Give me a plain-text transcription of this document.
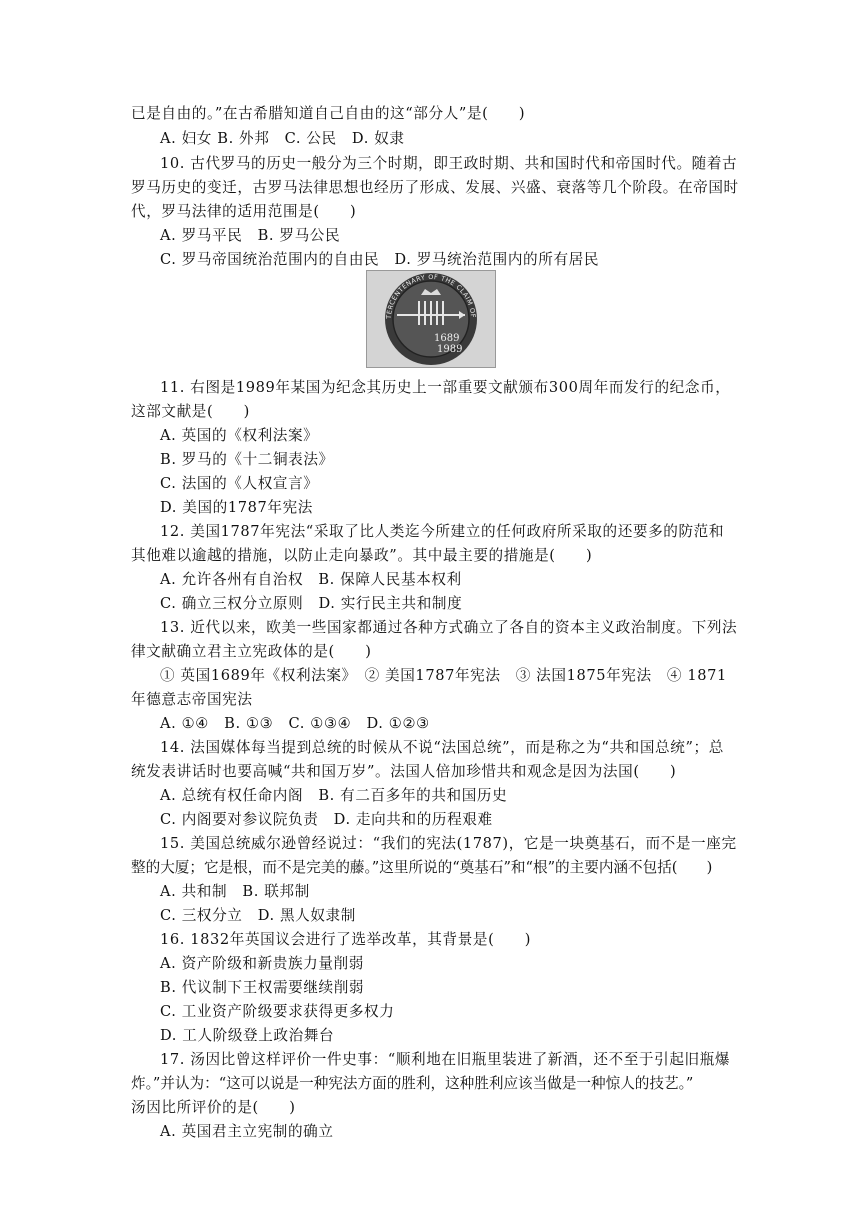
已是自由的。”在古希腊知道自己自由的这“部分人”是(　　)
A. 妇女 B. 外邦　C. 公民　D. 奴隶
10. 古代罗马的历史一般分为三个时期，即王政时期、共和国时代和帝国时代。随着古
罗马历史的变迁，古罗马法律思想也经历了形成、发展、兴盛、衰落等几个阶段。在帝国时
代，罗马法律的适用范围是(　　)
A. 罗马平民　B. 罗马公民
C. 罗马帝国统治范围内的自由民　D. 罗马统治范围内的所有居民
TERCENTENARY OF THE CLAIM OF
1689
1989
11. 右图是1989年某国为纪念其历史上一部重要文献颁布300周年而发行的纪念币，
这部文献是(　　)
A. 英国的《权利法案》
B. 罗马的《十二铜表法》
C. 法国的《人权宣言》
D. 美国的1787年宪法
12. 美国1787年宪法“采取了比人类迄今所建立的任何政府所采取的还要多的防范和
其他难以逾越的措施，以防止走向暴政”。其中最主要的措施是(　　)
A. 允许各州有自治权　B. 保障人民基本权利
C. 确立三权分立原则　D. 实行民主共和制度
13. 近代以来，欧美一些国家都通过各种方式确立了各自的资本主义政治制度。下列法
律文献确立君主立宪政体的是(　　)
① 英国1689年《权利法案》　② 美国1787年宪法　③ 法国1875年宪法　④ 1871
年德意志帝国宪法
A. ①④　B. ①③　C. ①③④　D. ①②③
14. 法国媒体每当提到总统的时候从不说“法国总统”，而是称之为“共和国总统”；总
统发表讲话时也要高喊“共和国万岁”。法国人倍加珍惜共和观念是因为法国(　　)
A. 总统有权任命内阁　B. 有二百多年的共和国历史
C. 内阁要对参议院负责　D. 走向共和的历程艰难
15. 美国总统威尔逊曾经说过：“我们的宪法(1787)，它是一块奠基石，而不是一座完
整的大厦；它是根，而不是完美的藤。”这里所说的“奠基石”和“根”的主要内涵不包括(　　)
A. 共和制　B. 联邦制
C. 三权分立　D. 黑人奴隶制
16. 1832年英国议会进行了选举改革，其背景是(　　)
A. 资产阶级和新贵族力量削弱
B. 代议制下王权需要继续削弱
C. 工业资产阶级要求获得更多权力
D. 工人阶级登上政治舞台
17. 汤因比曾这样评价一件史事：“顺利地在旧瓶里装进了新酒，还不至于引起旧瓶爆
炸。”并认为：“这可以说是一种宪法方面的胜利，这种胜利应该当做是一种惊人的技艺。”
汤因比所评价的是(　　)
A. 英国君主立宪制的确立
